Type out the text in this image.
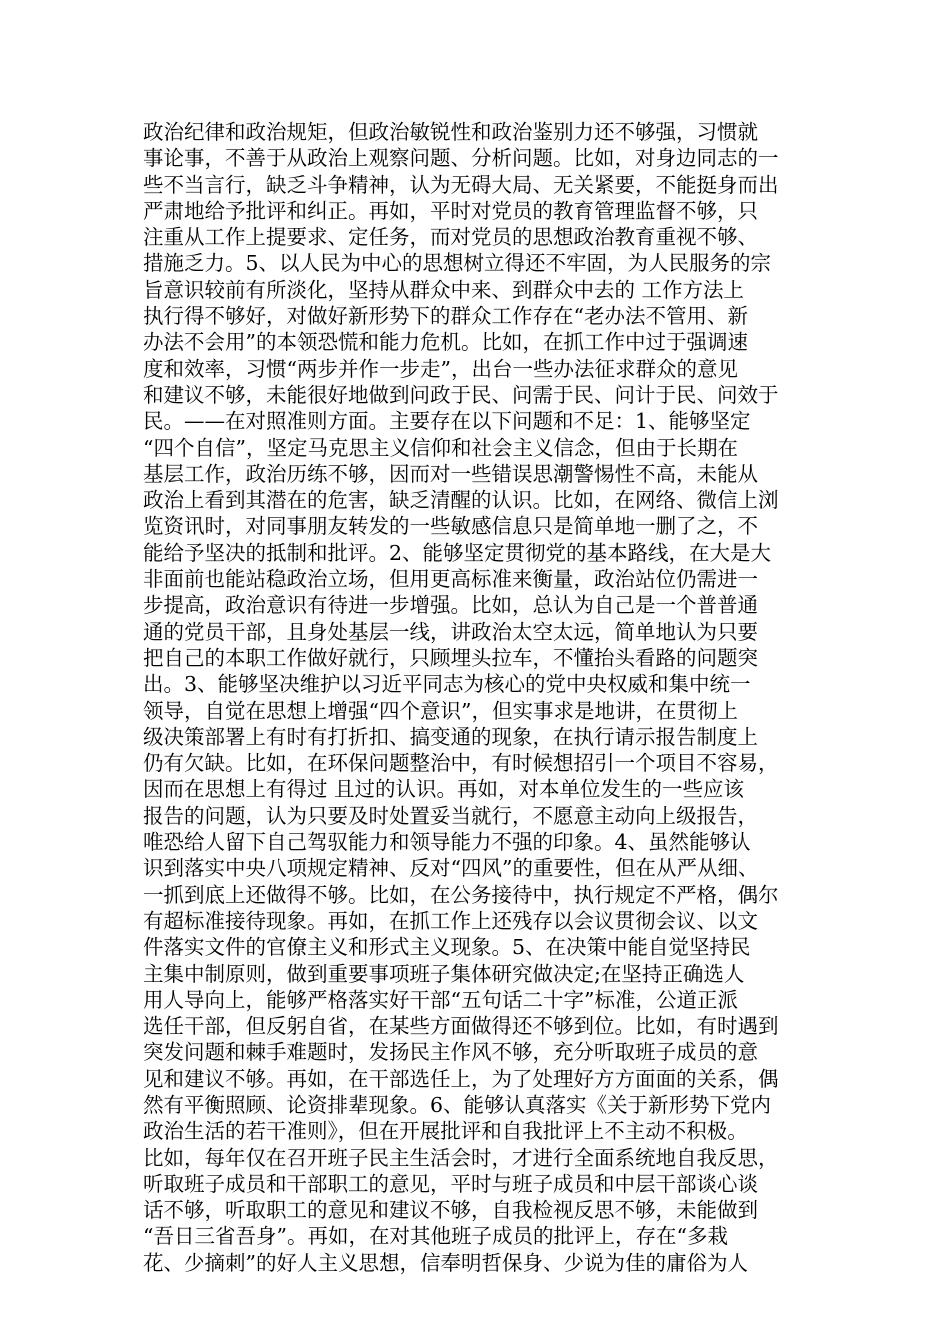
政治纪律和政治规矩，但政治敏锐性和政治鉴别力还不够强，习惯就
事论事，不善于从政治上观察问题、分析问题。比如，对身边同志的一
些不当言行，缺乏斗争精神，认为无碍大局、无关紧要，不能挺身而出
严肃地给予批评和纠正。再如，平时对党员的教育管理监督不够，只
注重从工作上提要求、定任务，而对党员的思想政治教育重视不够、
措施乏力。5、以人民为中心的思想树立得还不牢固，为人民服务的宗
旨意识较前有所淡化，坚持从群众中来、到群众中去的 工作方法上
执行得不够好，对做好新形势下的群众工作存在“老办法不管用、新
办法不会用”的本领恐慌和能力危机。比如，在抓工作中过于强调速
度和效率，习惯“两步并作一步走”，出台一些办法征求群众的意见
和建议不够，未能很好地做到问政于民、问需于民、问计于民、问效于
民。——在对照准则方面。主要存在以下问题和不足：1、能够坚定
“四个自信”，坚定马克思主义信仰和社会主义信念，但由于长期在
基层工作，政治历练不够，因而对一些错误思潮警惕性不高，未能从
政治上看到其潜在的危害，缺乏清醒的认识。比如，在网络、微信上浏
览资讯时，对同事朋友转发的一些敏感信息只是简单地一删了之，不
能给予坚决的抵制和批评。2、能够坚定贯彻党的基本路线，在大是大
非面前也能站稳政治立场，但用更高标准来衡量，政治站位仍需进一
步提高，政治意识有待进一步增强。比如，总认为自己是一个普普通
通的党员干部，且身处基层一线，讲政治太空太远，简单地认为只要
把自己的本职工作做好就行，只顾埋头拉车，不懂抬头看路的问题突
出。3、能够坚决维护以习近平同志为核心的党中央权威和集中统一
领导，自觉在思想上增强“四个意识”，但实事求是地讲，在贯彻上
级决策部署上有时有打折扣、搞变通的现象，在执行请示报告制度上
仍有欠缺。比如，在环保问题整治中，有时候想招引一个项目不容易，
因而在思想上有得过 且过的认识。再如，对本单位发生的一些应该
报告的问题，认为只要及时处置妥当就行，不愿意主动向上级报告，
唯恐给人留下自己驾驭能力和领导能力不强的印象。4、虽然能够认
识到落实中央八项规定精神、反对“四风”的重要性，但在从严从细、
一抓到底上还做得不够。比如，在公务接待中，执行规定不严格，偶尔
有超标准接待现象。再如，在抓工作上还残存以会议贯彻会议、以文
件落实文件的官僚主义和形式主义现象。5、在决策中能自觉坚持民
主集中制原则，做到重要事项班子集体研究做决定;在坚持正确选人
用人导向上，能够严格落实好干部“五句话二十字”标准，公道正派
选任干部，但反躬自省，在某些方面做得还不够到位。比如，有时遇到
突发问题和棘手难题时，发扬民主作风不够，充分听取班子成员的意
见和建议不够。再如，在干部选任上，为了处理好方方面面的关系，偶
然有平衡照顾、论资排辈现象。6、能够认真落实《关于新形势下党内
政治生活的若干准则》，但在开展批评和自我批评上不主动不积极。
比如，每年仅在召开班子民主生活会时，才进行全面系统地自我反思，
听取班子成员和干部职工的意见，平时与班子成员和中层干部谈心谈
话不够，听取职工的意见和建议不够，自我检视反思不够，未能做到
“吾日三省吾身”。再如，在对其他班子成员的批评上，存在“多栽
花、少摘刺”的好人主义思想，信奉明哲保身、少说为佳的庸俗为人
